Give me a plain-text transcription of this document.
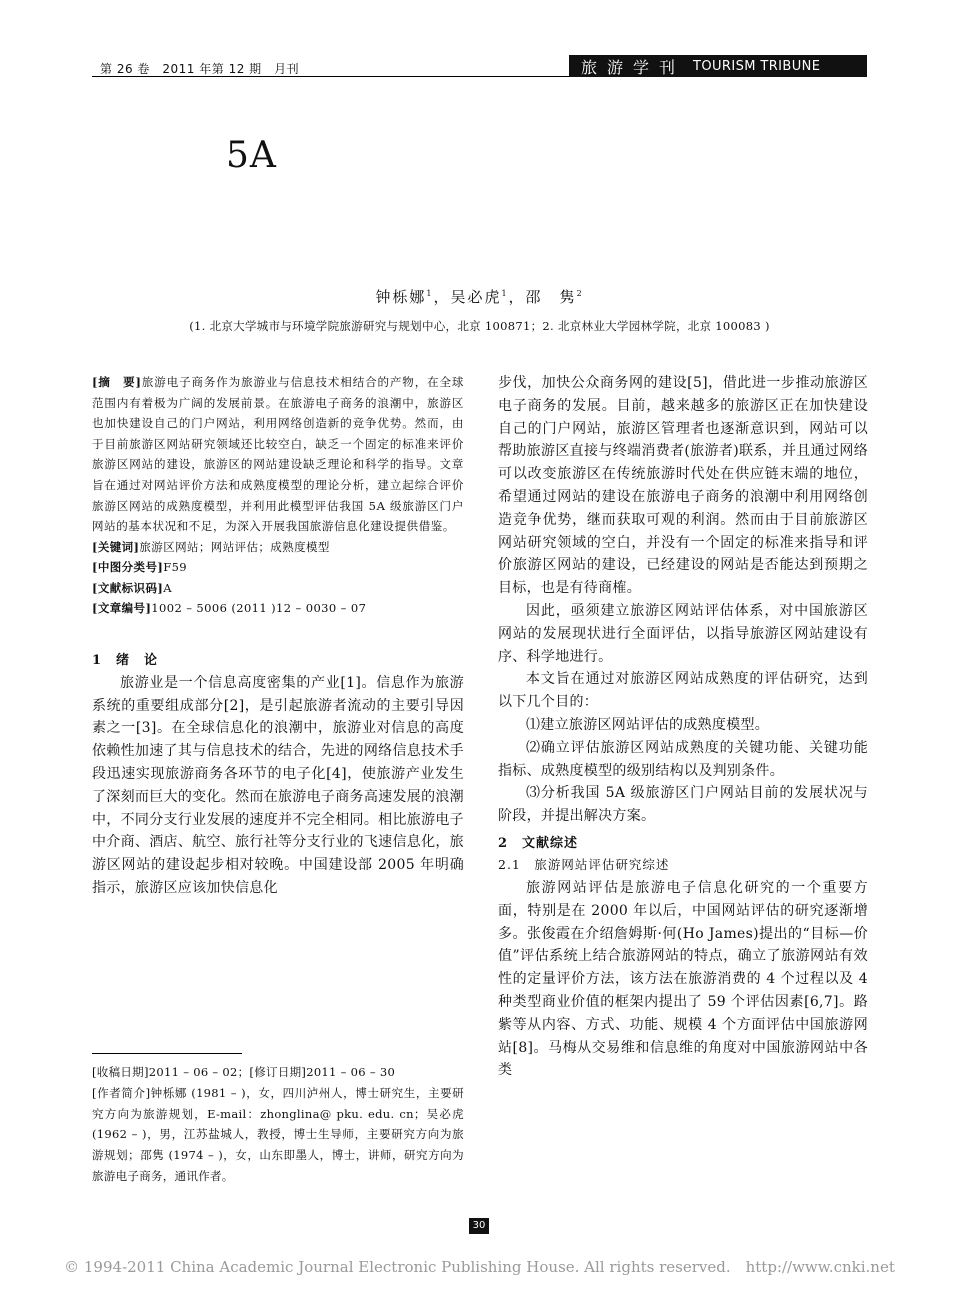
第 26 卷　2011 年第 12 期　月刊	旅游学刊 TOURISM TRIBUNE
5A
钟栎娜$^1$，吴必虎$^1$，邵　隽$^2$
(1. 北京大学城市与环境学院旅游研究与规划中心，北京 100871；2. 北京林业大学园林学院，北京 100083 )

[摘　要]旅游电子商务作为旅游业与信息技术相结合的产物，在全球范围内有着极为广阔的发展前景。在旅游电子商务的浪潮中，旅游区也加快建设自己的门户网站，利用网络创造新的竞争优势。然而，由于目前旅游区网站研究领域还比较空白，缺乏一个固定的标准来评价旅游区网站的建设，旅游区的网站建设缺乏理论和科学的指导。文章旨在通过对网站评价方法和成熟度模型的理论分析，建立起综合评价旅游区网站的成熟度模型，并利用此模型评估我国 5A 级旅游区门户网站的基本状况和不足，为深入开展我国旅游信息化建设提供借鉴。

[关键词]旅游区网站；网站评估；成熟度模型

[中图分类号]F59

[文献标识码]A

[文章编号]1002 – 5006 (2011 )12 – 0030 – 07

1　绪　论

旅游业是一个信息高度密集的产业[1]。信息作为旅游系统的重要组成部分[2]，是引起旅游者流动的主要引导因素之一[3]。在全球信息化的浪潮中，旅游业对信息的高度依赖性加速了其与信息技术的结合，先进的网络信息技术手段迅速实现旅游商务各环节的电子化[4]，使旅游产业发生了深刻而巨大的变化。然而在旅游电子商务高速发展的浪潮中，不同分支行业发展的速度并不完全相同。相比旅游电子中介商、酒店、航空、旅行社等分支行业的飞速信息化，旅游区网站的建设起步相对较晚。中国建设部 2005 年明确指示，旅游区应该加快信息化

[收稿日期]2011 – 06 – 02；[修订日期]2011 – 06 – 30
[作者简介]钟栎娜 (1981 – )，女，四川泸州人，博士研究生，主要研究方向为旅游规划，E-mail：zhonglina@ pku. edu. cn；吴必虎 (1962 – )，男，江苏盐城人，教授，博士生导师，主要研究方向为旅游规划；邵隽 (1974 – )，女，山东即墨人，博士，讲师，研究方向为旅游电子商务，通讯作者。

步伐，加快公众商务网的建设[5]，借此进一步推动旅游区电子商务的发展。目前，越来越多的旅游区正在加快建设自己的门户网站，旅游区管理者也逐渐意识到，网站可以帮助旅游区直接与终端消费者(旅游者)联系，并且通过网络可以改变旅游区在传统旅游时代处在供应链末端的地位，希望通过网站的建设在旅游电子商务的浪潮中利用网络创造竞争优势，继而获取可观的利润。然而由于目前旅游区网站研究领域的空白，并没有一个固定的标准来指导和评价旅游区网站的建设，已经建设的网站是否能达到预期之目标，也是有待商榷。

因此，亟须建立旅游区网站评估体系，对中国旅游区网站的发展现状进行全面评估，以指导旅游区网站建设有序、科学地进行。

本文旨在通过对旅游区网站成熟度的评估研究，达到以下几个目的：

⑴建立旅游区网站评估的成熟度模型。

⑵确立评估旅游区网站成熟度的关键功能、关键功能指标、成熟度模型的级别结构以及判别条件。

⑶分析我国 5A 级旅游区门户网站目前的发展状况与阶段，并提出解决方案。

2　文献综述

2.1　旅游网站评估研究综述

旅游网站评估是旅游电子信息化研究的一个重要方面，特别是在 2000 年以后，中国网站评估的研究逐渐增多。张俊霞在介绍詹姆斯·何(Ho James)提出的“目标—价值”评估系统上结合旅游网站的特点，确立了旅游网站有效性的定量评价方法，该方法在旅游消费的 4 个过程以及 4 种类型商业价值的框架内提出了 59 个评估因素[6,7]。路紫等从内容、方式、功能、规模 4 个方面评估中国旅游网站[8]。马梅从交易维和信息维的角度对中国旅游网站中各类

30
© 1994-2011 China Academic Journal Electronic Publishing House. All rights reserved.　http://www.cnki.net
